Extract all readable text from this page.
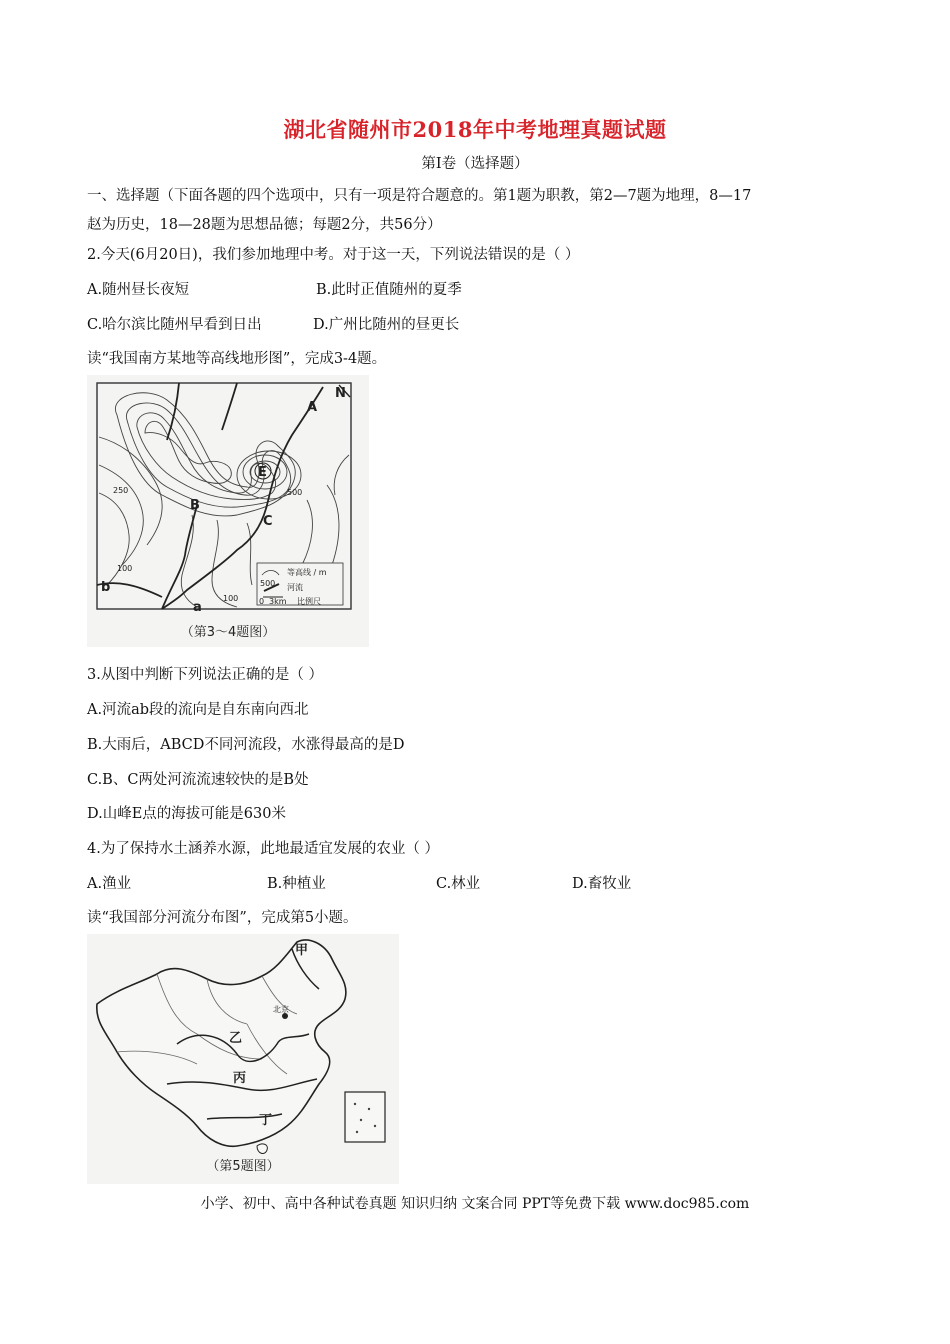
湖北省随州市2018年中考地理真题试题
第Ⅰ卷（选择题）
一、选择题（下面各题的四个选项中，只有一项是符合题意的。第1题为职教，第2—7题为地理，8—17
赵为历史，18—28题为思想品德；每题2分，共56分）
2.今天(6月20日)，我们参加地理中考。对于这一天，下列说法错误的是（ ）
A.随州昼长夜短	B.此时正值随州的夏季
C.哈尔滨比随州早看到日出	D.广州比随州的昼更长
读“我国南方某地等高线地形图”，完成3-4题。
500
等高线 / m
河流
0 3km 比例尺
N
A
E
500
250
B
C
100
100
b
a
（第3～4题图）
3.从图中判断下列说法正确的是（ ）
A.河流ab段的流向是自东南向西北
B.大雨后，ABCD不同河流段，水涨得最高的是D
C.B、C两处河流流速较快的是B处
D.山峰E点的海拔可能是630米
4.为了保持水土涵养水源，此地最适宜发展的农业（ ）
A.渔业	B.种植业	C.林业	D.畜牧业
读“我国部分河流分布图”，完成第5小题。
北京
甲
乙
丙
丁
（第5题图）
小学、初中、高中各种试卷真题 知识归纳 文案合同 PPT等免费下载 www.doc985.com
